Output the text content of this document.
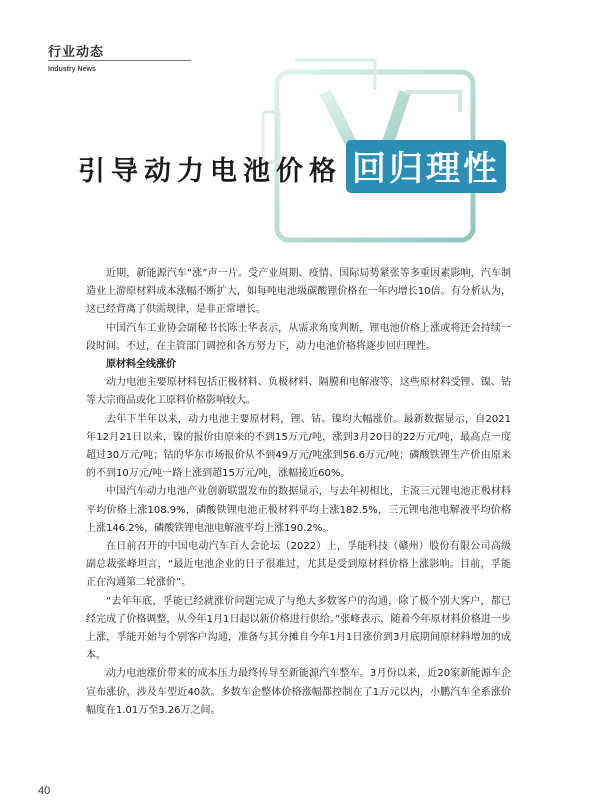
行业动态
Industry News
引导动力电池价格 回归理性

近期，新能源汽车“涨”声一片。受产业周期、疫情、国际局势紧张等多重因素影响，汽车制造业上游原材料成本涨幅不断扩大，如每吨电池级碳酸锂价格在一年内增长10倍。有分析认为，这已经背离了供需规律，是非正常增长。

中国汽车工业协会副秘书长陈士华表示，从需求角度判断，锂电池价格上涨或将还会持续一段时间。不过，在主管部门调控和各方努力下，动力电池价格将逐步回归理性。

原材料全线涨价

动力电池主要原材料包括正极材料、负极材料、隔膜和电解液等，这些原材料受锂、镍、钴等大宗商品或化工原料价格影响较大。

去年下半年以来，动力电池主要原材料，锂、钴、镍均大幅涨价。最新数据显示，自2021年12月21日以来，镍的报价由原来的不到15万元/吨，涨到3月20日的22万元/吨，最高点一度超过30万元/吨；钴的华东市场报价从不到49万元/吨涨到56.6万元/吨；磷酸铁锂生产价由原来的不到10万元/吨一路上涨到超15万元/吨，涨幅接近60%。

中国汽车动力电池产业创新联盟发布的数据显示，与去年初相比，主流三元锂电池正极材料平均价格上涨108.9%，磷酸铁锂电池正极材料平均上涨182.5%，三元锂电池电解液平均价格上涨146.2%，磷酸铁锂电池电解液平均上涨190.2%。

在日前召开的中国电动汽车百人会论坛（2022）上，孚能科技（赣州）股份有限公司高级副总裁张峰坦言，“最近电池企业的日子很难过，尤其是受到原材料价格上涨影响。目前，孚能正在沟通第二轮涨价”。

“去年年底，孚能已经就涨价问题完成了与绝大多数客户的沟通，除了极个别大客户，都已经完成了价格调整，从今年1月1日起以新价格进行供给。”张峰表示，随着今年原材料价格进一步上涨，孚能开始与个别客户沟通，准备与其分摊自今年1月1日涨价到3月底期间原材料增加的成本。

动力电池涨价带来的成本压力最终传导至新能源汽车整车。3月份以来，近20家新能源车企宣布涨价，涉及车型近40款。多数车企整体价格涨幅都控制在了1万元以内，小鹏汽车全系涨价幅度在1.01万至3.26万之间。

40
